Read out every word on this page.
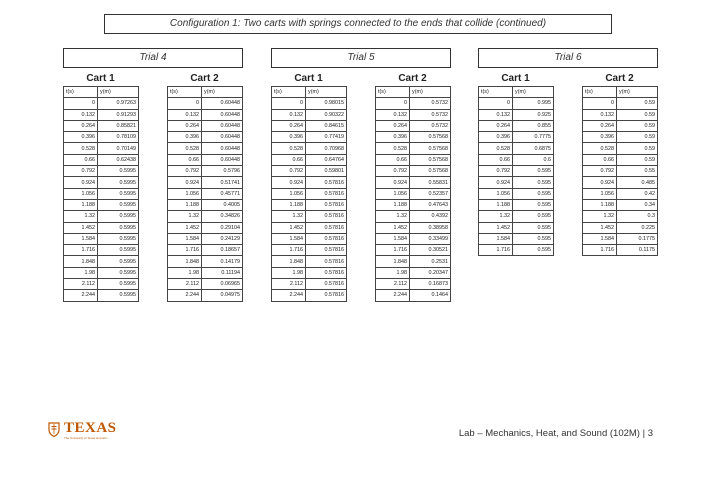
Configuration 1: Two carts with springs connected to the ends that collide (continued)
Trial 4
Cart 1
t(s)	y(m)
0	0.97263
0.132	0.91293
0.264	0.85821
0.396	0.78109
0.528	0.70149
0.66	0.62438
0.792	0.5995
0.924	0.5995
1.056	0.5995
1.188	0.5995
1.32	0.5995
1.452	0.5995
1.584	0.5995
1.716	0.5995
1.848	0.5995
1.98	0.5995
2.112	0.5995
2.244	0.5995
Cart 2
t(s)	y(m)
0	0.60448
0.132	0.60448
0.264	0.60448
0.396	0.60448
0.528	0.60448
0.66	0.60448
0.792	0.5796
0.924	0.51741
1.056	0.45771
1.188	0.4005
1.32	0.34826
1.452	0.29104
1.584	0.24129
1.716	0.18657
1.848	0.14179
1.98	0.11194
2.112	0.06965
2.244	0.04975
Trial 5
Cart 1
t(s)	y(m)
0	0.98015
0.132	0.90322
0.264	0.84615
0.396	0.77419
0.528	0.70968
0.66	0.64764
0.792	0.59801
0.924	0.57816
1.056	0.57816
1.188	0.57816
1.32	0.57816
1.452	0.57816
1.584	0.57816
1.716	0.57816
1.848	0.57816
1.98	0.57816
2.112	0.57816
2.244	0.57816
Cart 2
t(s)	y(m)
0	0.5732
0.132	0.5732
0.264	0.5732
0.396	0.57568
0.528	0.57568
0.66	0.57568
0.792	0.57568
0.924	0.55831
1.056	0.52357
1.188	0.47643
1.32	0.4392
1.452	0.38958
1.584	0.33499
1.716	0.30521
1.848	0.2531
1.98	0.20347
2.112	0.16873
2.244	0.1464
Trial 6
Cart 1
t(s)	y(m)
0	0.995
0.132	0.925
0.264	0.855
0.396	0.7775
0.528	0.6875
0.66	0.6
0.792	0.595
0.924	0.595
1.056	0.595
1.188	0.595
1.32	0.595
1.452	0.595
1.584	0.595
1.716	0.595
Cart 2
t(s)	y(m)
0	0.59
0.132	0.59
0.264	0.59
0.396	0.59
0.528	0.59
0.66	0.59
0.792	0.55
0.924	0.485
1.056	0.42
1.188	0.34
1.32	0.3
1.452	0.225
1.584	0.1775
1.716	0.1175
TEXAS
The University of Texas at Austin	Lab – Mechanics, Heat, and Sound (102M) | 3
